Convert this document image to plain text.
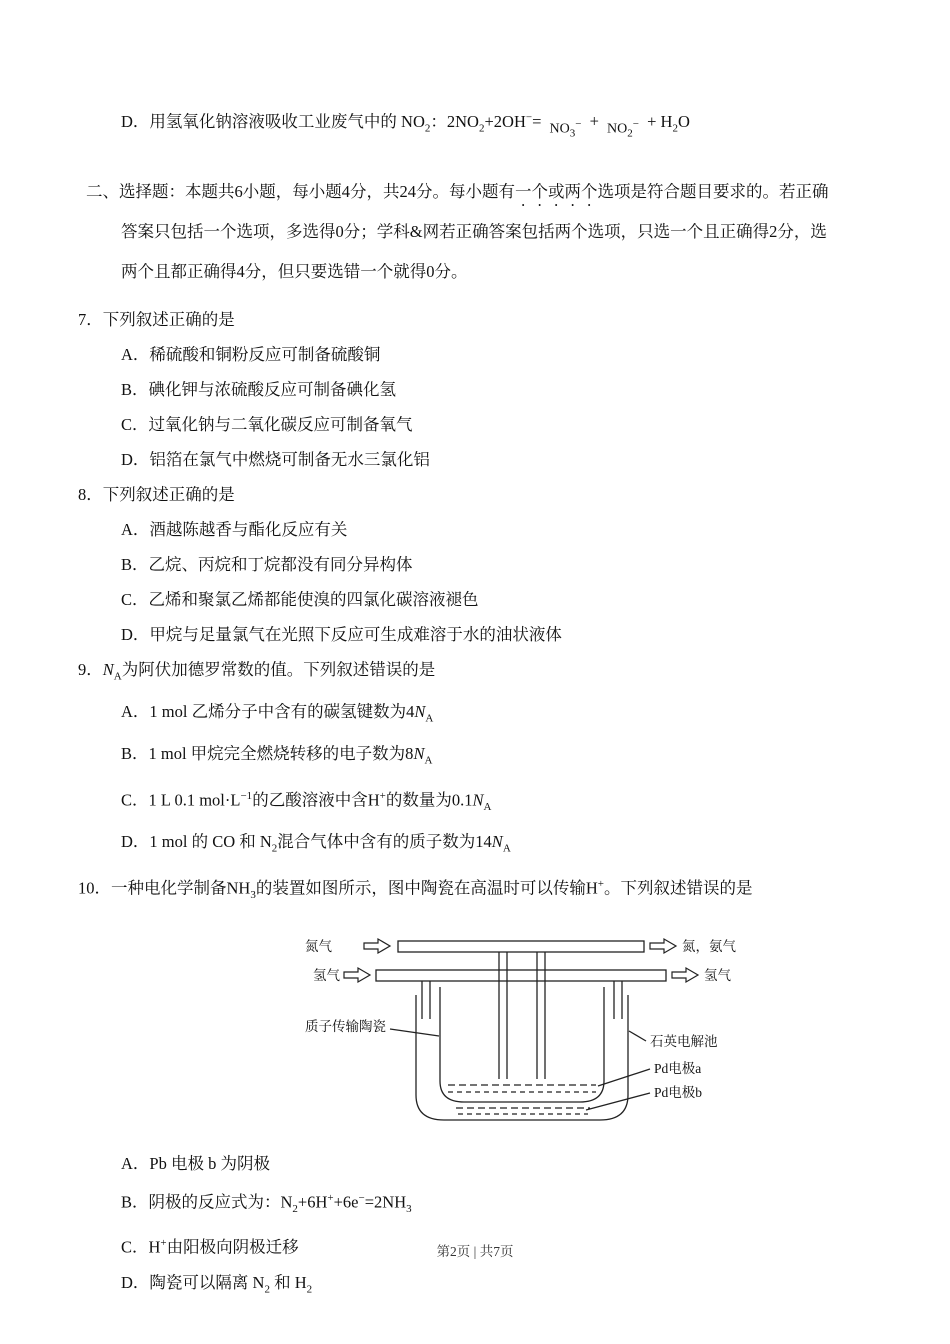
D．用氢氧化钠溶液吸收工业废气中的 $NO_2$：$2NO_2+2OH^-= NO_3^- + NO_2^- + H_2O$
二、选择题：本题共6小题，每小题4分，共24分。每小题有一个或两个选项是符合题目要求的。若正确
答案只包括一个选项，多选得0分；学科&网若正确答案包括两个选项，只选一个且正确得2分，选
两个且都正确得4分，但只要选错一个就得0分。
7．下列叙述正确的是
A．稀硫酸和铜粉反应可制备硫酸铜
B．碘化钾与浓硫酸反应可制备碘化氢
C．过氧化钠与二氧化碳反应可制备氧气
D．铝箔在氯气中燃烧可制备无水三氯化铝
8．下列叙述正确的是
A．酒越陈越香与酯化反应有关
B．乙烷、丙烷和丁烷都没有同分异构体
C．乙烯和聚氯乙烯都能使溴的四氯化碳溶液褪色
D．甲烷与足量氯气在光照下反应可生成难溶于水的油状液体
9．$N_A$为阿伏加德罗常数的值。下列叙述错误的是
A．1 mol 乙烯分子中含有的碳氢键数为$4N_A$
B．1 mol 甲烷完全燃烧转移的电子数为$8N_A$
C．1 L 0.1 $mol\cdot L^{-1}$的乙酸溶液中含H+的数量为$0.1N_A$
D．1 mol 的 CO 和 $N_2$混合气体中含有的质子数为$14N_A$
10．一种电化学制备$NH_3$的装置如图所示，图中陶瓷在高温时可以传输H+。下列叙述错误的是
氮气	氮，氨气
氢气	氢气
质子传输陶瓷
石英电解池
Pd电极a
Pd电极b
A．Pb 电极 b 为阴极
B．阴极的反应式为：$N_2+6H^++6e^-=2NH_3$
C．H+由阳极向阴极迁移
D．陶瓷可以隔离 $N_2$ 和 $H_2$
第2页 | 共7页
